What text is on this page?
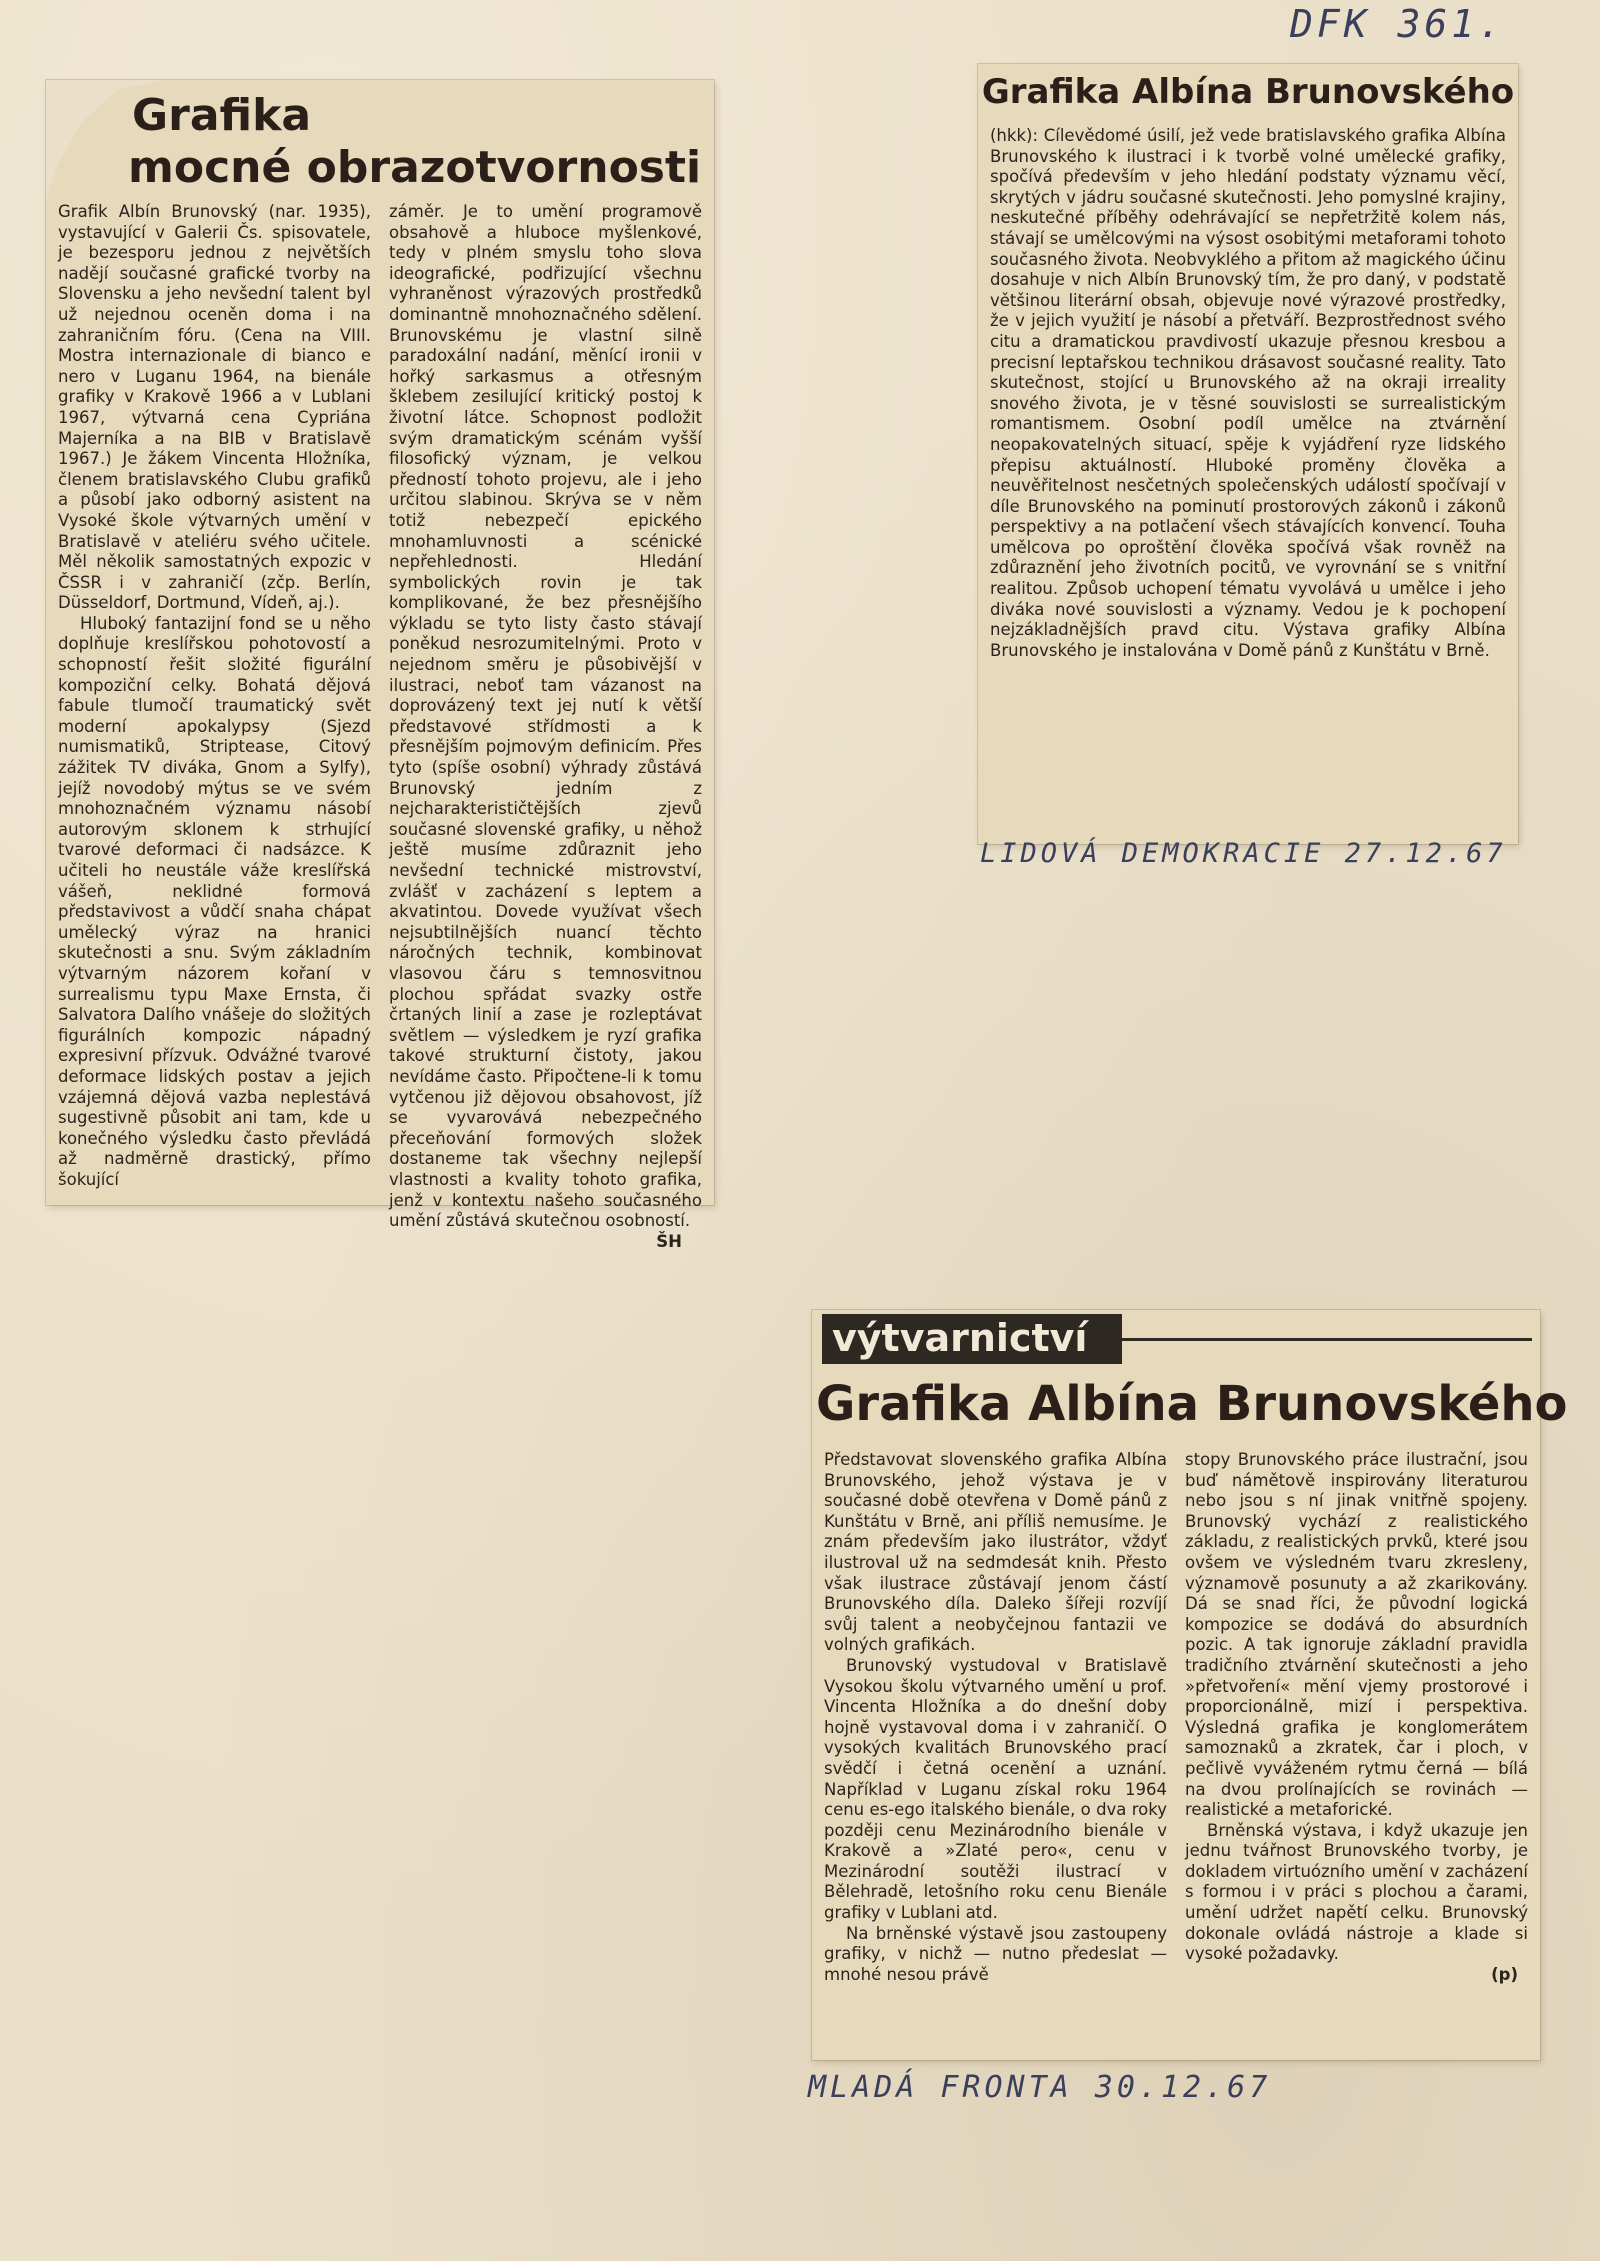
DFK 361.
Grafika
mocné obrazotvornosti

Grafik Albín Brunovský (nar. 1935), vystavující v Galerii Čs. spisovatele, je bezesporu jednou z největších nadějí současné grafické tvorby na Slovensku a jeho nevšední talent byl už nejednou oceněn doma i na zahraničním fóru. (Cena na VIII. Mostra internazionale di bianco e nero v Luganu 1964, na bienále grafiky v Krakově 1966 a v Lublani 1967, výtvarná cena Cypriána Majerníka a na BIB v Bratislavě 1967.) Je žákem Vincenta Hložníka, členem bratislavského Clubu grafiků a působí jako odborný asistent na Vysoké škole výtvarných umění v Bratislavě v ateliéru svého učitele. Měl několik samostatných expozic v ČSSR i v zahraničí (zčp. Berlín, Düsseldorf, Dortmund, Vídeň, aj.).

Hluboký fantazijní fond se u něho doplňuje kreslířskou pohotovostí a schopností řešit složité figurální kompoziční celky. Bohatá dějová fabule tlumočí traumatický svět moderní apokalypsy (Sjezd numismatiků, Striptease, Citový zážitek TV diváka, Gnom a Sylfy), jejíž novodobý mýtus se ve svém mnohoznačném významu násobí autorovým sklonem k strhující tvarové deformaci či nadsázce. K učiteli ho neustále váže kreslířská vášeň, neklidné formová představivost a vůdčí snaha chápat umělecký výraz na hranici skutečnosti a snu. Svým základním výtvarným názorem kořaní v surrealismu typu Maxe Ernsta, či Salvatora Dalího vnášeje do složitých figurálních kompozic nápadný expresivní přízvuk. Odvážné tvarové deformace lidských postav a jejich vzájemná dějová vazba neplestává sugestivně působit ani tam, kde u konečného výsledku často převládá až nadměrně drastický, přímo šokující

záměr. Je to umění programově obsahově a hluboce myšlenkové, tedy v plném smyslu toho slova ideografické, podřizující všechnu vyhraněnost výrazových prostředků dominantně mnohoznačného sdělení. Brunovskému je vlastní silně paradoxální nadání, měnící ironii v hořký sarkasmus a otřesným šklebem zesilující kritický postoj k životní látce. Schopnost podložit svým dramatickým scénám vyšší filosofický význam, je velkou předností tohoto projevu, ale i jeho určitou slabinou. Skrýva se v něm totiž nebezpečí epického mnohamluvnosti a scénické nepřehlednosti. Hledání symbolických rovin je tak komplikované, že bez přesnějšího výkladu se tyto listy často stávají poněkud nesrozumitelnými. Proto v nejednom směru je působivější v ilustraci, neboť tam vázanost na doprovázený text jej nutí k větší představové střídmosti a k přesnějším pojmovým definicím. Přes tyto (spíše osobní) výhrady zůstává Brunovský jedním z nejcharakterističtějších zjevů současné slovenské grafiky, u něhož ještě musíme zdůraznit jeho nevšední technické mistrovství, zvlášť v zacházení s leptem a akvatintou. Dovede využívat všech nejsubtilnějších nuancí těchto náročných technik, kombinovat vlasovou čáru s temnosvitnou plochou spřádat svazky ostře črtaných linií a zase je rozleptávat světlem — výsledkem je ryzí grafika takové strukturní čistoty, jakou nevídáme často. Připočtene-li k tomu vytčenou již dějovou obsahovost, jíž se vyvarovává nebezpečného přeceňování formových složek dostaneme tak všechny nejlepší vlastnosti a kvality tohoto grafika, jenž v kontextu našeho současného umění zůstává skutečnou osobností.

ŠH

Grafika Albína Brunovského

(hkk): Cílevědomé úsilí, jež vede bratislavského grafika Albína Brunovského k ilustraci i k tvorbě volné umělecké grafiky, spočívá především v jeho hledání podstaty významu věcí, skrytých v jádru současné skutečnosti. Jeho pomyslné krajiny, neskutečné příběhy odehrávající se nepřetržitě kolem nás, stávají se umělcovými na výsost osobitými metaforami tohoto současného života. Neobvyklého a přitom až magického účinu dosahuje v nich Albín Brunovský tím, že pro daný, v podstatě většinou literární obsah, objevuje nové výrazové prostředky, že v jejich využití je násobí a přetváří. Bezprostřednost svého citu a dramatickou pravdivostí ukazuje přesnou kresbou a precisní leptařskou technikou drásavost současné reality. Tato skutečnost, stojící u Brunovského až na okraji irreality snového života, je v těsné souvislosti se surrealistickým romantismem. Osobní podíl umělce na ztvárnění neopakovatelných situací, spěje k vyjádření ryze lidského přepisu aktuálností. Hluboké proměny člověka a neuvěřitelnost nesčetných společenských událostí spočívají v díle Brunovského na pominutí prostorových zákonů i zákonů perspektivy a na potlačení všech stávajících konvencí. Touha umělcova po oproštění člověka spočívá však rovněž na zdůraznění jeho životních pocitů, ve vyrovnání se s vnitřní realitou. Způsob uchopení tématu vyvolává u umělce i jeho diváka nové souvislosti a významy. Vedou je k pochopení nejzákladnějších pravd citu. Výstava grafiky Albína Brunovského je instalována v Domě pánů z Kunštátu v Brně.

LIDOVÁ DEMOKRACIE 27.12.67
výtvarnictví
Grafika Albína Brunovského

Představovat slovenského grafika Albína Brunovského, jehož výstava je v současné době otevřena v Domě pánů z Kunštátu v Brně, ani příliš nemusíme. Je znám především jako ilustrátor, vždyť ilustroval už na sedmdesát knih. Přesto však ilustrace zůstávají jenom částí Brunovského díla. Daleko šířeji rozvíjí svůj talent a neobyčejnou fantazii ve volných grafikách.

Brunovský vystudoval v Bratislavě Vysokou školu výtvarného umění u prof. Vincenta Hložníka a do dnešní doby hojně vystavoval doma i v zahraničí. O vysokých kvalitách Brunovského prací svědčí i četná ocenění a uznání. Například v Luganu získal roku 1964 cenu es-ego italského bienále, o dva roky později cenu Mezinárodního bienále v Krakově a »Zlaté pero«, cenu v Mezinárodní soutěži ilustrací v Bělehradě, letošního roku cenu Bienále grafiky v Lublani atd.

Na brněnské výstavě jsou zastoupeny grafiky, v nichž — nutno předeslat — mnohé nesou právě

stopy Brunovského práce ilustrační, jsou buď námětově inspirovány literaturou nebo jsou s ní jinak vnitřně spojeny. Brunovský vychází z realistického základu, z realistických prvků, které jsou ovšem ve výsledném tvaru zkresleny, významově posunuty a až zkarikovány. Dá se snad říci, že původní logická kompozice se dodává do absurdních pozic. A tak ignoruje základní pravidla tradičního ztvárnění skutečnosti a jeho »přetvoření« mění vjemy prostorové i proporcionálně, mizí i perspektiva. Výsledná grafika je konglomerátem samoznaků a zkratek, čar i ploch, v pečlivě vyváženém rytmu černá — bílá na dvou prolínajících se rovinách — realistické a metaforické.

Brněnská výstava, i když ukazuje jen jednu tvářnost Brunovského tvorby, je dokladem virtuózního umění v zacházení s formou i v práci s plochou a čarami, umění udržet napětí celku. Brunovský dokonale ovládá nástroje a klade si vysoké požadavky.

(p)

MLADÁ FRONTA 30.12.67
